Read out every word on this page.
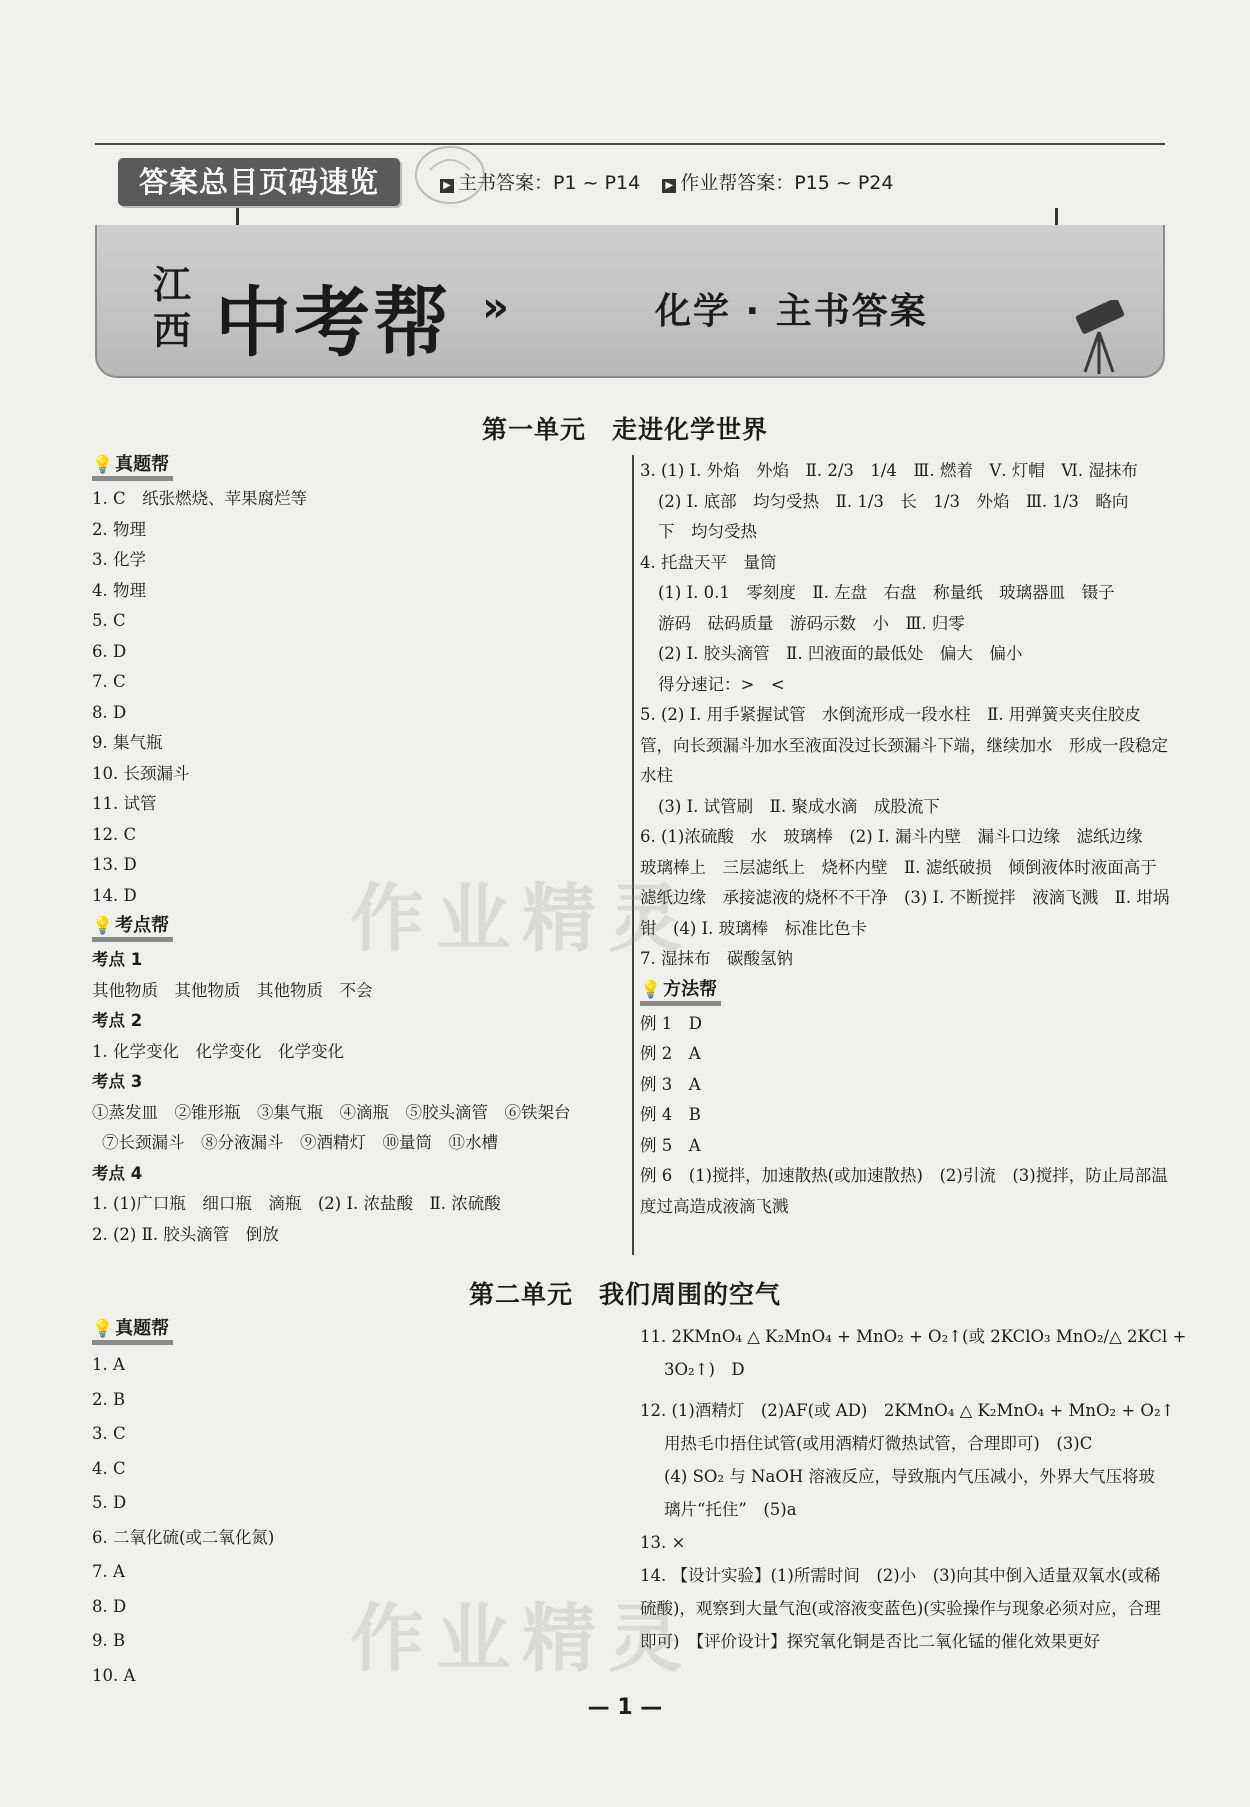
答案总目页码速览	▶ 主书答案：P1 ~ P14	▶ 作业帮答案：P15 ~ P24
江西 中考帮 »	化学 · 主书答案
第一单元　走进化学世界
💡 真题帮
1. C　纸张燃烧、苹果腐烂等
2. 物理
3. 化学
4. 物理
5. C
6. D
7. C
8. D
9. 集气瓶
10. 长颈漏斗
11. 试管
12. C
13. D
14. D
💡 考点帮
考点 1
其他物质　其他物质　其他物质　不会
考点 2
1. 化学变化　化学变化　化学变化
考点 3
①蒸发皿　②锥形瓶　③集气瓶　④滴瓶　⑤胶头滴管　⑥铁架台
⑦长颈漏斗　⑧分液漏斗　⑨酒精灯　⑩量筒　⑪水槽
考点 4
1. (1)广口瓶　细口瓶　滴瓶　(2) Ⅰ. 浓盐酸　Ⅱ. 浓硫酸
2. (2) Ⅱ. 胶头滴管　倒放
3. (1) Ⅰ. 外焰　外焰　Ⅱ. 2/3　1/4　Ⅲ. 燃着　Ⅴ. 灯帽　Ⅵ. 湿抹布
(2) Ⅰ. 底部　均匀受热　Ⅱ. 1/3　长　1/3　外焰　Ⅲ. 1/3　略向
下　均匀受热
4. 托盘天平　量筒
(1) Ⅰ. 0.1　零刻度　Ⅱ. 左盘　右盘　称量纸　玻璃器皿　镊子
游码　砝码质量　游码示数　小　Ⅲ. 归零
(2) Ⅰ. 胶头滴管　Ⅱ. 凹液面的最低处　偏大　偏小
得分速记：>　<
5. (2) Ⅰ. 用手紧握试管　水倒流形成一段水柱　Ⅱ. 用弹簧夹夹住胶皮管，向长颈漏斗加水至液面没过长颈漏斗下端，继续加水　形成一段稳定水柱
(3) Ⅰ. 试管刷　Ⅱ. 聚成水滴　成股流下
6. (1)浓硫酸　水　玻璃棒　(2) Ⅰ. 漏斗内壁　漏斗口边缘　滤纸边缘　玻璃棒上　三层滤纸上　烧杯内壁　Ⅱ. 滤纸破损　倾倒液体时液面高于滤纸边缘　承接滤液的烧杯不干净　(3) Ⅰ. 不断搅拌　液滴飞溅　Ⅱ. 坩埚钳　(4) Ⅰ. 玻璃棒　标准比色卡
7. 湿抹布　碳酸氢钠
💡 方法帮
例 1　D
例 2　A
例 3　A
例 4　B
例 5　A
例 6　(1)搅拌，加速散热(或加速散热)　(2)引流　(3)搅拌，防止局部温度过高造成液滴飞溅
第二单元　我们周围的空气
💡 真题帮
1. A
2. B
3. C
4. C
5. D
6. 二氧化硫(或二氧化氮)
7. A
8. D
9. B
10. A
11. 2KMnO₄ △ K₂MnO₄ + MnO₂ + O₂↑(或 2KClO₃ MnO₂/△ 2KCl +
3O₂↑)　D
12. (1)酒精灯　(2)AF(或 AD)　2KMnO₄ △ K₂MnO₄ + MnO₂ + O₂↑
用热毛巾捂住试管(或用酒精灯微热试管，合理即可)　(3)C
(4) SO₂ 与 NaOH 溶液反应，导致瓶内气压减小，外界大气压将玻
璃片“托住”　(5)a
13. ×
14. 【设计实验】(1)所需时间　(2)小　(3)向其中倒入适量双氧水(或稀硫酸)，观察到大量气泡(或溶液变蓝色)(实验操作与现象必须对应，合理即可)　【评价设计】探究氧化铜是否比二氧化锰的催化效果更好
作业精灵
作业精灵
— 1 —
